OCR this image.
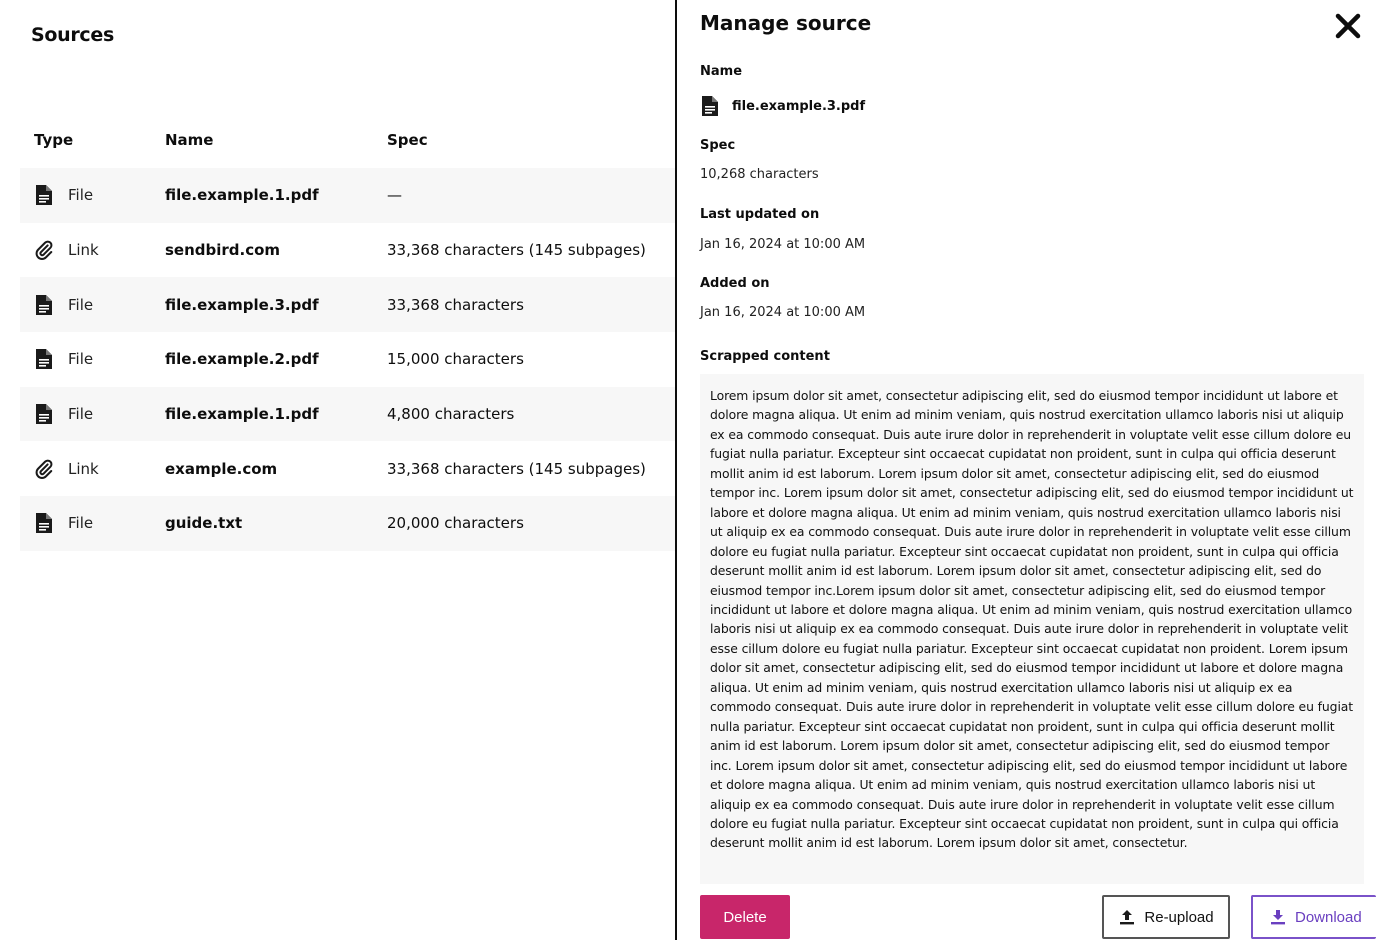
Sources
Type	Name	Spec
File	file.example.1.pdf	—
Link	sendbird.com	33,368 characters (145 subpages)
File	file.example.3.pdf	33,368 characters
File	file.example.2.pdf	15,000 characters
File	file.example.1.pdf	4,800 characters
Link	example.com	33,368 characters (145 subpages)
File	guide.txt	20,000 characters
Manage source
Name
file.example.3.pdf
Spec
10,268 characters
Last updated on
Jan 16, 2024 at 10:00 AM
Added on
Jan 16, 2024 at 10:00 AM
Scrapped content
Lorem ipsum dolor sit amet, consectetur adipiscing elit, sed do eiusmod tempor incididunt ut labore et dolore magna aliqua. Ut enim ad minim veniam, quis nostrud exercitation ullamco laboris nisi ut aliquip ex ea commodo consequat. Duis aute irure dolor in reprehenderit in voluptate velit esse cillum dolore eu fugiat nulla pariatur. Excepteur sint occaecat cupidatat non proident, sunt in culpa qui officia deserunt mollit anim id est laborum. Lorem ipsum dolor sit amet, consectetur adipiscing elit, sed do eiusmod tempor inc. Lorem ipsum dolor sit amet, consectetur adipiscing elit, sed do eiusmod tempor incididunt ut labore et dolore magna aliqua. Ut enim ad minim veniam, quis nostrud exercitation ullamco laboris nisi ut aliquip ex ea commodo consequat. Duis aute irure dolor in reprehenderit in voluptate velit esse cillum dolore eu fugiat nulla pariatur. Excepteur sint occaecat cupidatat non proident, sunt in culpa qui officia deserunt mollit anim id est laborum. Lorem ipsum dolor sit amet, consectetur adipiscing elit, sed do eiusmod tempor inc.Lorem ipsum dolor sit amet, consectetur adipiscing elit, sed do eiusmod tempor incididunt ut labore et dolore magna aliqua. Ut enim ad minim veniam, quis nostrud exercitation ullamco laboris nisi ut aliquip ex ea commodo consequat. Duis aute irure dolor in reprehenderit in voluptate velit esse cillum dolore eu fugiat nulla pariatur. Excepteur sint occaecat cupidatat non proident. Lorem ipsum dolor sit amet, consectetur adipiscing elit, sed do eiusmod tempor incididunt ut labore et dolore magna aliqua. Ut enim ad minim veniam, quis nostrud exercitation ullamco laboris nisi ut aliquip ex ea commodo consequat. Duis aute irure dolor in reprehenderit in voluptate velit esse cillum dolore eu fugiat nulla pariatur. Excepteur sint occaecat cupidatat non proident, sunt in culpa qui officia deserunt mollit anim id est laborum. Lorem ipsum dolor sit amet, consectetur adipiscing elit, sed do eiusmod tempor inc. Lorem ipsum dolor sit amet, consectetur adipiscing elit, sed do eiusmod tempor incididunt ut labore et dolore magna aliqua. Ut enim ad minim veniam, quis nostrud exercitation ullamco laboris nisi ut aliquip ex ea commodo consequat. Duis aute irure dolor in reprehenderit in voluptate velit esse cillum dolore eu fugiat nulla pariatur. Excepteur sint occaecat cupidatat non proident, sunt in culpa qui officia deserunt mollit anim id est laborum. Lorem ipsum dolor sit amet, consectetur.
Delete	Re-upload	Download
